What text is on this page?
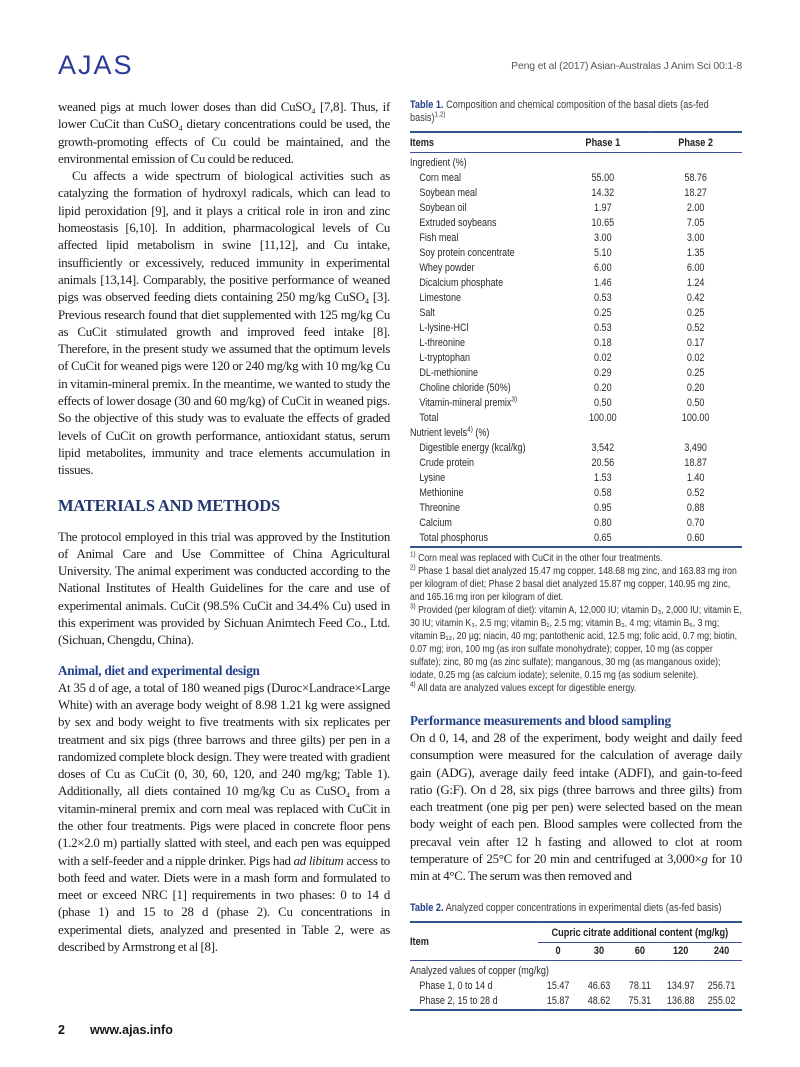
AJAS	Peng et al (2017) Asian-Australas J Anim Sci 00:1-8

weaned pigs at much lower doses than did CuSO₄ [7,8]. Thus, if lower CuCit than CuSO₄ dietary concentrations could be used, the growth-promoting effects of Cu could be maintained, and the environmental emission of Cu could be reduced.

Cu affects a wide spectrum of biological activities such as catalyzing the formation of hydroxyl radicals, which can lead to lipid peroxidation [9], and it plays a critical role in iron and zinc homeostasis [6,10]. In addition, pharmacological levels of Cu affected lipid metabolism in swine [11,12], and Cu intake, insufficiently or excessively, reduced immunity in experimental animals [13,14]. Comparably, the positive performance of weaned pigs was observed feeding diets containing 250 mg/kg CuSO₄ [3]. Previous research found that diet supplemented with 125 mg/kg Cu as CuCit stimulated growth and improved feed intake [8]. Therefore, in the present study we assumed that the optimum levels of CuCit for weaned pigs were 120 or 240 mg/kg with 10 mg/kg Cu in vitamin-mineral premix. In the meantime, we wanted to study the effects of lower dosage (30 and 60 mg/kg) of CuCit in weaned pigs. So the objective of this study was to evaluate the effects of graded levels of CuCit on growth performance, antioxidant status, serum lipid metabolites, immunity and trace elements accumulation in tissues.

MATERIALS AND METHODS

The protocol employed in this trial was approved by the Institution of Animal Care and Use Committee of China Agricultural University. The animal experiment was conducted according to the National Institutes of Health Guidelines for the care and use of experimental animals. CuCit (98.5% CuCit and 34.4% Cu) used in this experiment was provided by Sichuan Animtech Feed Co., Ltd. (Sichuan, Chengdu, China).

Animal, diet and experimental design

At 35 d of age, a total of 180 weaned pigs (Duroc×Landrace×Large White) with an average body weight of 8.98 1.21 kg were assigned by sex and body weight to five treatments with six replicates per treatment and six pigs (three barrows and three gilts) per pen in a randomized complete block design. They were treated with gradient doses of Cu as CuCit (0, 30, 60, 120, and 240 mg/kg; Table 1). Additionally, all diets contained 10 mg/kg Cu as CuSO₄ from a vitamin-mineral premix and corn meal was replaced with CuCit in the other four treatments. Pigs were placed in concrete floor pens (1.2×2.0 m) partially slatted with steel, and each pen was equipped with a self-feeder and a nipple drinker. Pigs had ad libitum access to both feed and water. Diets were in a mash form and formulated to meet or exceed NRC [1] requirements in two phases: 0 to 14 d (phase 1) and 15 to 28 d (phase 2). Cu concentrations in experimental diets, analyzed and presented in Table 2, were as described by Armstrong et al [8].

Table 1. Composition and chemical composition of the basal diets (as-fed basis)$^{1,2)}$
Items	Phase 1	Phase 2
Ingredient (%)		
Corn meal	55.00	58.76
Soybean meal	14.32	18.27
Soybean oil	1.97	2.00
Extruded soybeans	10.65	7.05
Fish meal	3.00	3.00
Soy protein concentrate	5.10	1.35
Whey powder	6.00	6.00
Dicalcium phosphate	1.46	1.24
Limestone	0.53	0.42
Salt	0.25	0.25
L-lysine-HCl	0.53	0.52
L-threonine	0.18	0.17
L-tryptophan	0.02	0.02
DL-methionine	0.29	0.25
Choline chloride (50%)	0.20	0.20
Vitamin-mineral premix$^{3)}$	0.50	0.50
Total	100.00	100.00
Nutrient levels$^{4)}$ (%)		
Digestible energy (kcal/kg)	3,542	3,490
Crude protein	20.56	18.87
Lysine	1.53	1.40
Methionine	0.58	0.52
Threonine	0.95	0.88
Calcium	0.80	0.70
Total phosphorus	0.65	0.60
$^{1)}$ Corn meal was replaced with CuCit in the other four treatments.
$^{2)}$ Phase 1 basal diet analyzed 15.47 mg copper, 148.68 mg zinc, and 163.83 mg iron per kilogram of diet; Phase 2 basal diet analyzed 15.87 mg copper, 140.95 mg zinc, and 165.16 mg iron per kilogram of diet.
$^{3)}$ Provided (per kilogram of diet): vitamin A, 12,000 IU; vitamin D₃, 2,000 IU; vitamin E, 30 IU; vitamin K₃, 2.5 mg; vitamin B₁, 2.5 mg; vitamin B₂, 4 mg; vitamin B₆, 3 mg; vitamin B₁₂, 20 μg; niacin, 40 mg; pantothenic acid, 12.5 mg; folic acid, 0.7 mg; biotin, 0.07 mg; iron, 100 mg (as iron sulfate monohydrate); copper, 10 mg (as copper sulfate); zinc, 80 mg (as zinc sulfate); manganous, 30 mg (as manganous oxide); iodate, 0.25 mg (as calcium iodate); selenite, 0.15 mg (as sodium selenite).
$^{4)}$ All data are analyzed values except for digestible energy.
Performance measurements and blood sampling

On d 0, 14, and 28 of the experiment, body weight and daily feed consumption were measured for the calculation of average daily gain (ADG), average daily feed intake (ADFI), and gain-to-feed ratio (G:F). On d 28, six pigs (three barrows and three gilts) from each treatment (one pig per pen) were selected based on the mean body weight of each pen. Blood samples were collected from the precaval vein after 12 h fasting and allowed to clot at room temperature of 25°C for 20 min and centrifuged at 3,000×g for 10 min at 4°C. The serum was then removed and

Table 2. Analyzed copper concentrations in experimental diets (as-fed basis)
Item	Cupric citrate additional content (mg/kg)				
	0	30	60	120	240
Analyzed values of copper (mg/kg)					
Phase 1, 0 to 14 d	15.47	46.63	78.11	134.97	256.71
Phase 2, 15 to 28 d	15.87	48.62	75.31	136.88	255.02
2 www.ajas.info
